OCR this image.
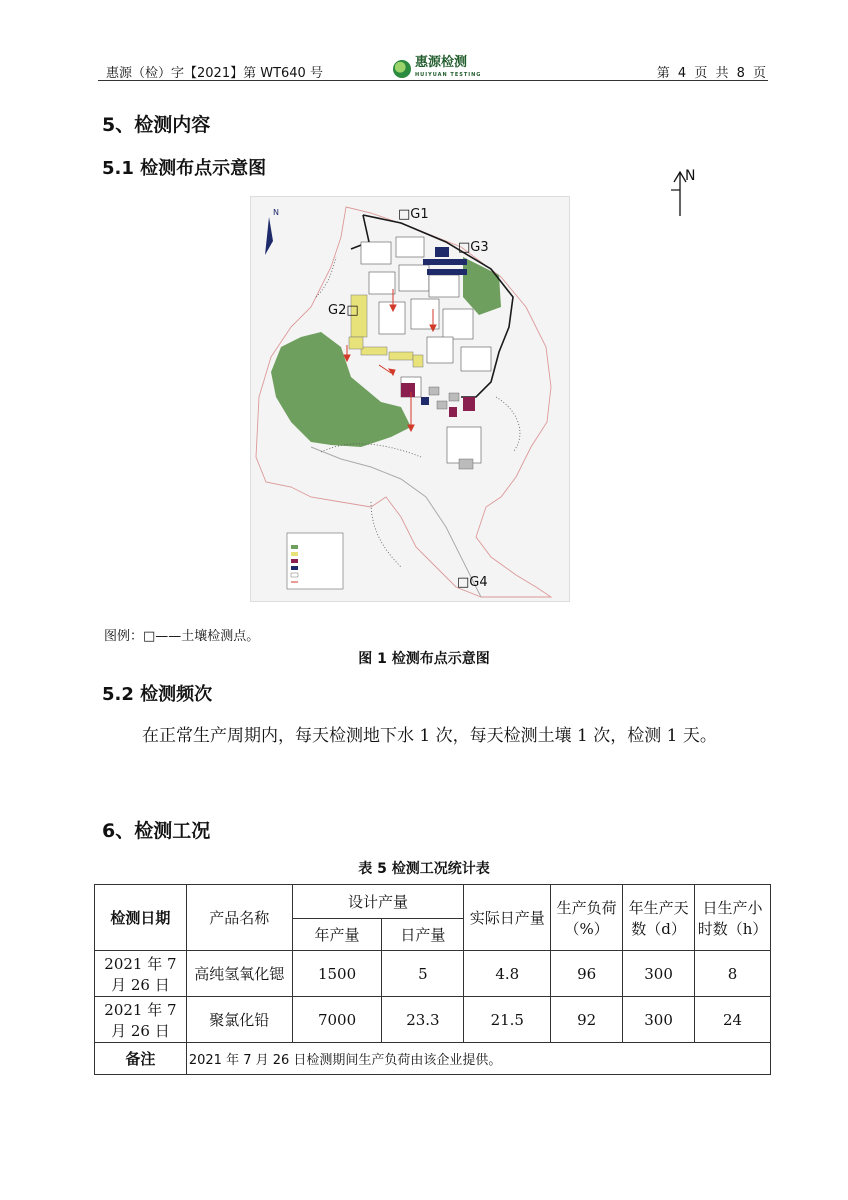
惠源（检）字【2021】第 WT640 号
惠源检测
HUIYUAN TESTING	第 4 页 共 8 页
5、检测内容
5.1 检测布点示意图	N
N	□G1
□G3
G2□
□G4
图例：□——土壤检测点。
图 1 检测布点示意图
5.2 检测频次
在正常生产周期内，每天检测地下水 1 次，每天检测土壤 1 次，检测 1 天。
6、检测工况
表 5 检测工况统计表
检测日期	产品名称	设计产量		实际日产量	生产负荷（%）	年生产天数（d）	日生产小时数（h）
		年产量	日产量				
2021 年 7 月 26 日	高纯氢氧化锶	1500	5	4.8	96	300	8
2021 年 7 月 26 日	聚氯化铅	7000	23.3	21.5	92	300	24
备注	2021 年 7 月 26 日检测期间生产负荷由该企业提供。						
